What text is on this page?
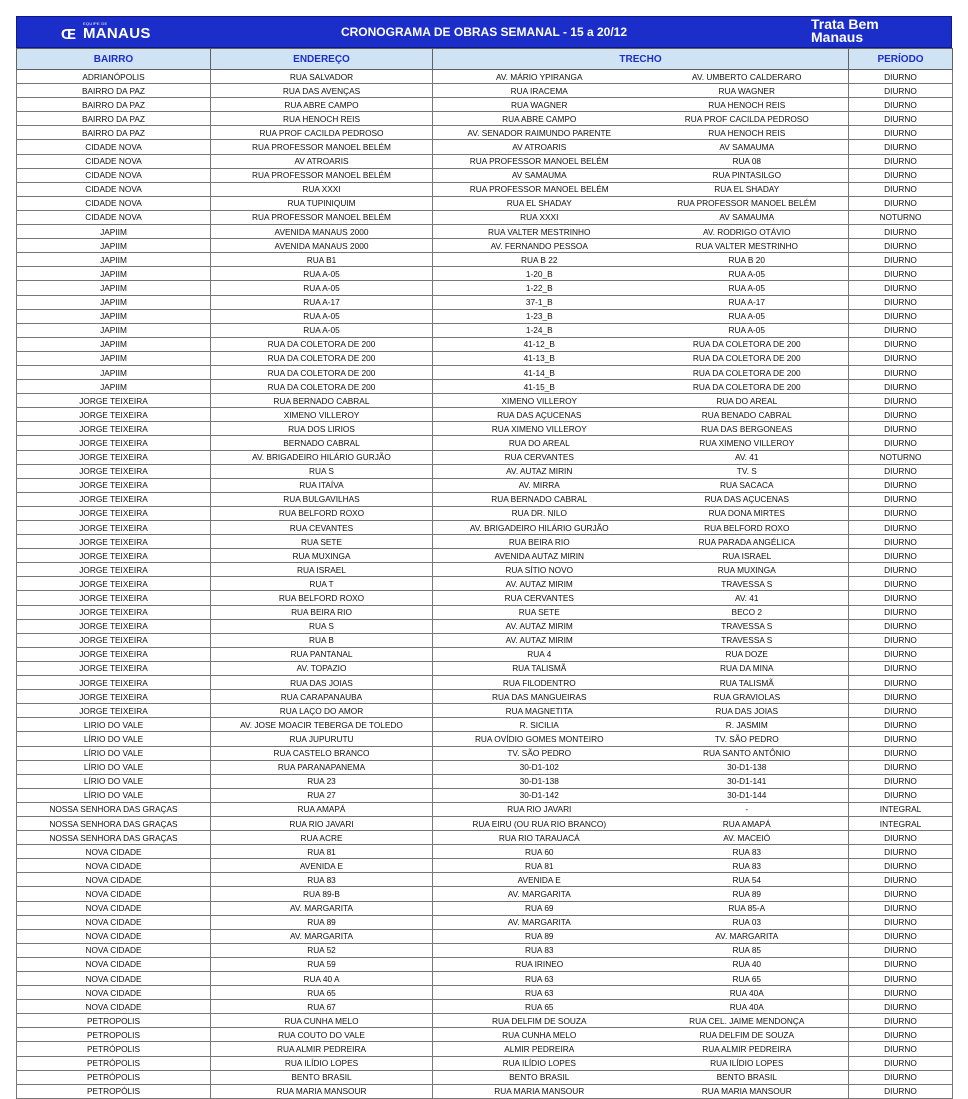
EQUIPE DE
Œ MANAUS	CRONOGRAMA DE OBRAS SEMANAL - 15 a 20/12	Trata Bem
Manaus
BAIRRO	ENDEREÇO	TRECHO		PERÍODO
ADRIANÓPOLIS	RUA SALVADOR	AV. MÁRIO YPIRANGA	AV. UMBERTO CALDERARO	DIURNO
BAIRRO DA PAZ	RUA DAS AVENÇAS	RUA IRACEMA	RUA WAGNER	DIURNO
BAIRRO DA PAZ	RUA ABRE CAMPO	RUA WAGNER	RUA HENOCH REIS	DIURNO
BAIRRO DA PAZ	RUA HENOCH REIS	RUA ABRE CAMPO	RUA PROF CACILDA PEDROSO	DIURNO
BAIRRO DA PAZ	RUA PROF CACILDA PEDROSO	AV. SENADOR RAIMUNDO PARENTE	RUA HENOCH REIS	DIURNO
CIDADE NOVA	RUA PROFESSOR MANOEL BELÉM	AV ATROARIS	AV SAMAUMA	DIURNO
CIDADE NOVA	AV ATROARIS	RUA PROFESSOR MANOEL BELÉM	RUA 08	DIURNO
CIDADE NOVA	RUA PROFESSOR MANOEL BELÉM	AV SAMAUMA	RUA PINTASILGO	DIURNO
CIDADE NOVA	RUA XXXI	RUA PROFESSOR MANOEL BELÉM	RUA EL SHADAY	DIURNO
CIDADE NOVA	RUA TUPINIQUIM	RUA EL SHADAY	RUA PROFESSOR MANOEL BELÉM	DIURNO
CIDADE NOVA	RUA PROFESSOR MANOEL BELÉM	RUA XXXI	AV SAMAUMA	NOTURNO
JAPIIM	AVENIDA MANAUS 2000	RUA VALTER MESTRINHO	AV. RODRIGO OTÁVIO	DIURNO
JAPIIM	AVENIDA MANAUS 2000	AV. FERNANDO PESSOA	RUA VALTER MESTRINHO	DIURNO
JAPIIM	RUA B1	RUA B 22	RUA B 20	DIURNO
JAPIIM	RUA A-05	1-20_B	RUA A-05	DIURNO
JAPIIM	RUA A-05	1-22_B	RUA A-05	DIURNO
JAPIIM	RUA A-17	37-1_B	RUA A-17	DIURNO
JAPIIM	RUA A-05	1-23_B	RUA A-05	DIURNO
JAPIIM	RUA A-05	1-24_B	RUA A-05	DIURNO
JAPIIM	RUA DA COLETORA DE 200	41-12_B	RUA DA COLETORA DE 200	DIURNO
JAPIIM	RUA DA COLETORA DE 200	41-13_B	RUA DA COLETORA DE 200	DIURNO
JAPIIM	RUA DA COLETORA DE 200	41-14_B	RUA DA COLETORA DE 200	DIURNO
JAPIIM	RUA DA COLETORA DE 200	41-15_B	RUA DA COLETORA DE 200	DIURNO
JORGE TEIXEIRA	RUA BERNADO CABRAL	XIMENO VILLEROY	RUA DO AREAL	DIURNO
JORGE TEIXEIRA	XIMENO VILLEROY	RUA DAS AÇUCENAS	RUA BENADO CABRAL	DIURNO
JORGE TEIXEIRA	RUA DOS LIRIOS	RUA XIMENO VILLEROY	RUA DAS BERGONEAS	DIURNO
JORGE TEIXEIRA	BERNADO CABRAL	RUA DO AREAL	RUA XIMENO VILLEROY	DIURNO
JORGE TEIXEIRA	AV. BRIGADEIRO HILÁRIO GURJÃO	RUA CERVANTES	AV. 41	NOTURNO
JORGE TEIXEIRA	RUA S	AV. AUTAZ MIRIN	TV. S	DIURNO
JORGE TEIXEIRA	RUA ITAÍVA	AV. MIRRA	RUA SACACA	DIURNO
JORGE TEIXEIRA	RUA BULGAVILHAS	RUA BERNADO CABRAL	RUA DAS AÇUCENAS	DIURNO
JORGE TEIXEIRA	RUA BELFORD ROXO	RUA DR. NILO	RUA DONA MIRTES	DIURNO
JORGE TEIXEIRA	RUA CEVANTES	AV. BRIGADEIRO HILÁRIO GURJÃO	RUA BELFORD ROXO	DIURNO
JORGE TEIXEIRA	RUA SETE	RUA BEIRA RIO	RUA PARADA ANGÉLICA	DIURNO
JORGE TEIXEIRA	RUA MUXINGA	AVENIDA AUTAZ MIRIN	RUA ISRAEL	DIURNO
JORGE TEIXEIRA	RUA ISRAEL	RUA SÍTIO NOVO	RUA MUXINGA	DIURNO
JORGE TEIXEIRA	RUA T	AV. AUTAZ MIRIM	TRAVESSA S	DIURNO
JORGE TEIXEIRA	RUA BELFORD ROXO	RUA CERVANTES	AV. 41	DIURNO
JORGE TEIXEIRA	RUA BEIRA RIO	RUA SETE	BECO 2	DIURNO
JORGE TEIXEIRA	RUA S	AV. AUTAZ MIRIM	TRAVESSA S	DIURNO
JORGE TEIXEIRA	RUA B	AV. AUTAZ MIRIM	TRAVESSA S	DIURNO
JORGE TEIXEIRA	RUA PANTANAL	RUA 4	RUA DOZE	DIURNO
JORGE TEIXEIRA	AV. TOPAZIO	RUA TALISMÃ	RUA DA MINA	DIURNO
JORGE TEIXEIRA	RUA DAS JOIAS	RUA FILODENTRO	RUA TALISMÃ	DIURNO
JORGE TEIXEIRA	RUA CARAPANAUBA	RUA DAS MANGUEIRAS	RUA GRAVIOLAS	DIURNO
JORGE TEIXEIRA	RUA LAÇO DO AMOR	RUA MAGNETITA	RUA DAS JOIAS	DIURNO
LIRIO DO VALE	AV. JOSE MOACIR TEBERGA DE TOLEDO	R. SICILIA	R. JASMIM	DIURNO
LÍRIO DO VALE	RUA JUPURUTU	RUA OVÍDIO GOMES MONTEIRO	TV. SÃO PEDRO	DIURNO
LÍRIO DO VALE	RUA CASTELO BRANCO	TV. SÃO PEDRO	RUA SANTO ANTÔNIO	DIURNO
LÍRIO DO VALE	RUA PARANAPANEMA	30-D1-102	30-D1-138	DIURNO
LÍRIO DO VALE	RUA 23	30-D1-138	30-D1-141	DIURNO
LÍRIO DO VALE	RUA 27	30-D1-142	30-D1-144	DIURNO
NOSSA SENHORA DAS GRAÇAS	RUA AMAPÁ	RUA RIO JAVARI	-	INTEGRAL
NOSSA SENHORA DAS GRAÇAS	RUA RIO JAVARI	RUA EIRU (OU RUA RIO BRANCO)	RUA AMAPÁ	INTEGRAL
NOSSA SENHORA DAS GRAÇAS	RUA ACRE	RUA RIO TARAUACÁ	AV. MACEIÓ	DIURNO
NOVA CIDADE	RUA 81	RUA 60	RUA 83	DIURNO
NOVA CIDADE	AVENIDA E	RUA 81	RUA 83	DIURNO
NOVA CIDADE	RUA 83	AVENIDA E	RUA 54	DIURNO
NOVA CIDADE	RUA 89-B	AV. MARGARITA	RUA 89	DIURNO
NOVA CIDADE	AV. MARGARITA	RUA 69	RUA 85-A	DIURNO
NOVA CIDADE	RUA 89	AV. MARGARITA	RUA 03	DIURNO
NOVA CIDADE	AV. MARGARITA	RUA 89	AV. MARGARITA	DIURNO
NOVA CIDADE	RUA 52	RUA 83	RUA 85	DIURNO
NOVA CIDADE	RUA 59	RUA IRINEO	RUA 40	DIURNO
NOVA CIDADE	RUA 40 A	RUA 63	RUA 65	DIURNO
NOVA CIDADE	RUA 65	RUA 63	RUA 40A	DIURNO
NOVA CIDADE	RUA 67	RUA 65	RUA 40A	DIURNO
PETROPOLIS	RUA CUNHA MELO	RUA DELFIM DE SOUZA	RUA CEL. JAIME MENDONÇA	DIURNO
PETROPOLIS	RUA COUTO DO VALE	RUA CUNHA MELO	RUA DELFIM DE SOUZA	DIURNO
PETRÓPOLIS	RUA ALMIR PEDREIRA	ALMIR PEDREIRA	RUA ALMIR PEDREIRA	DIURNO
PETRÓPOLIS	RUA ILÍDIO LOPES	RUA ILÍDIO LOPES	RUA ILÍDIO LOPES	DIURNO
PETRÓPOLIS	BENTO BRASIL	BENTO BRASIL	BENTO BRASIL	DIURNO
PETROPÓLIS	RUA MARIA MANSOUR	RUA MARIA MANSOUR	RUA MARIA MANSOUR	DIURNO
